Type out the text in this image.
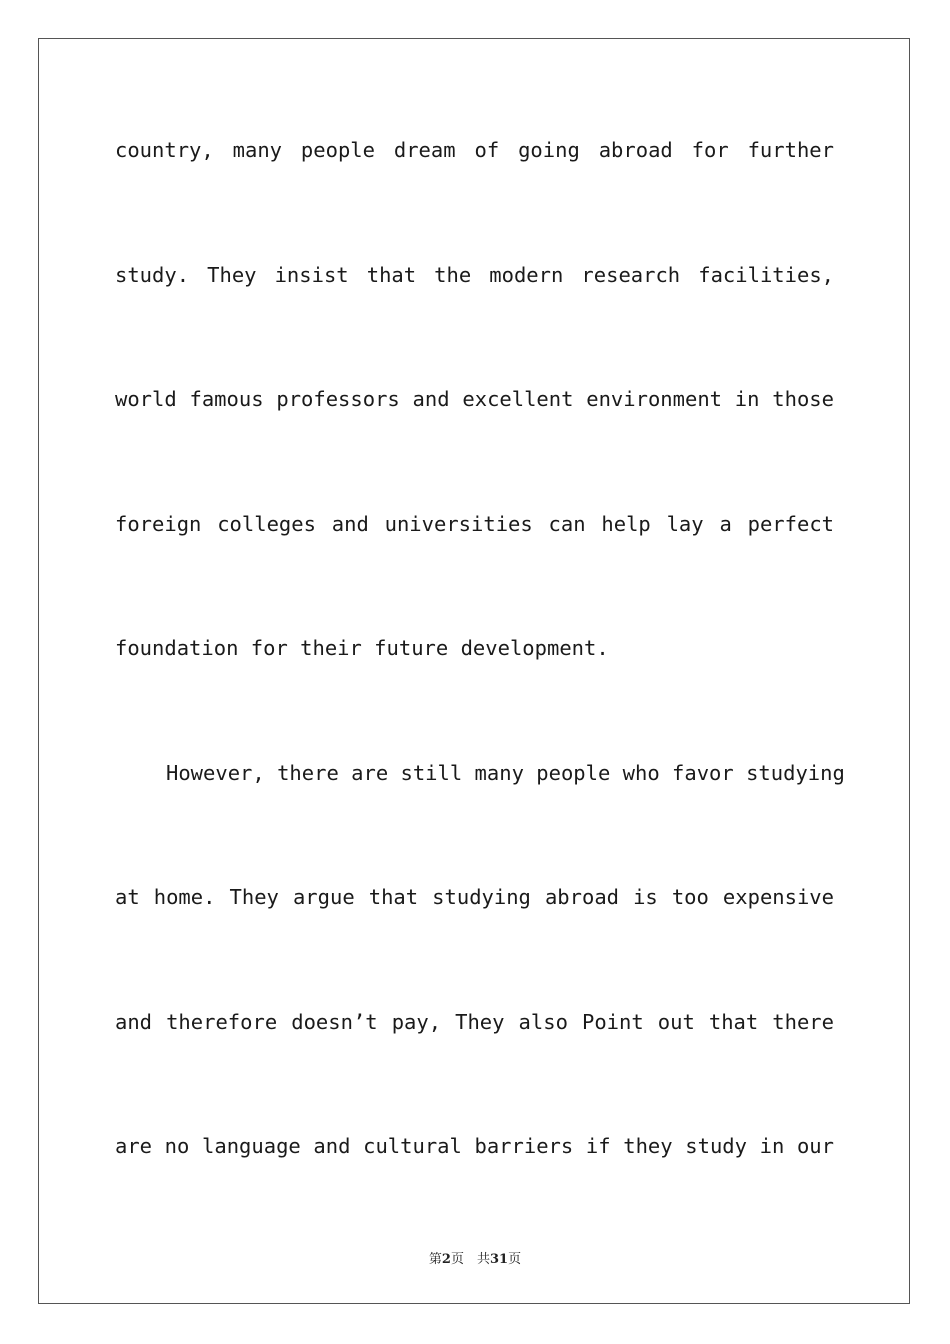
country, many people dream of going abroad for further
study. They insist that the modern research facilities,
world famous professors and excellent environment in those
foreign colleges and universities can help lay a perfect
foundation for their future development.
However, there are still many people who favor studying
at home. They argue that studying abroad is too expensive
and therefore doesn’t pay, They also Point out that there
are no language and cultural barriers if they study in our
第2页　共31页
